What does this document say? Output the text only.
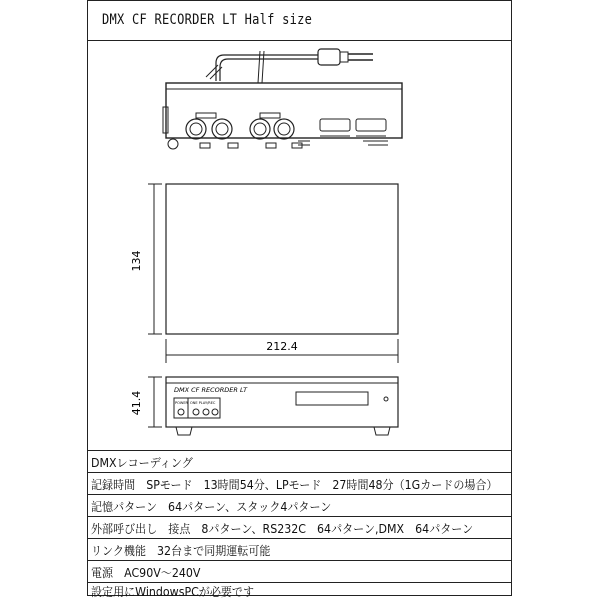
DMX CF RECORDER LT Half size
134
212.4
41.4
DMX CF RECORDER LT
POWER ONE PLAY/REC
DMXレコーディング
記録時間　SPモード　13時間54分、LPモード　27時間48分（1Gカードの場合）
記憶パターン　64パターン、スタック4パターン
外部呼び出し　接点　8パターン、RS232C　64パターン,DMX　64パターン
リンク機能　32台まで同期運転可能
電源　AC90V～240V
設定用にWindowsPCが必要です
